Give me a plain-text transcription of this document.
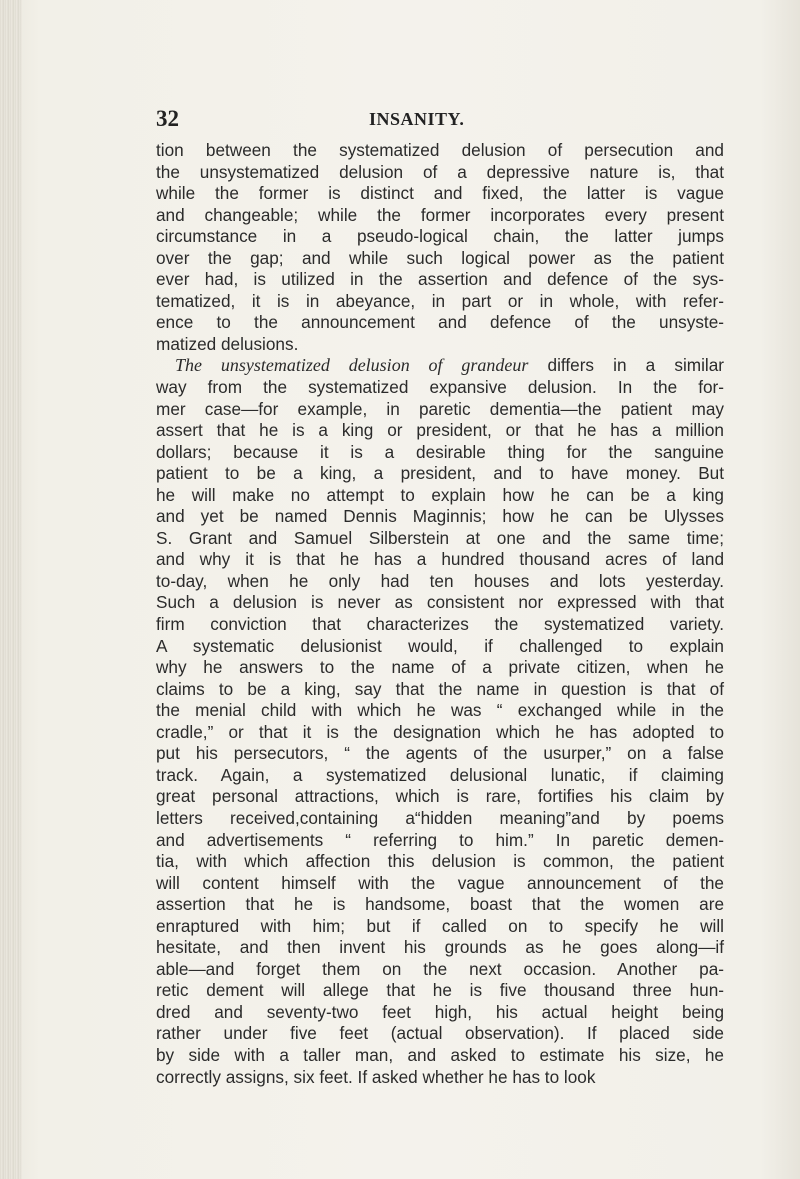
32	INSANITY.
tion between the systematized delusion of persecution and
the unsystematized delusion of a depressive nature is, that
while the former is distinct and fixed, the latter is vague
and changeable; while the former incorporates every present
circumstance in a pseudo-logical chain, the latter jumps
over the gap; and while such logical power as the patient
ever had, is utilized in the assertion and defence of the sys-
tematized, it is in abeyance, in part or in whole, with refer-
ence to the announcement and defence of the unsyste-
matized delusions.
The unsystematized delusion of grandeur differs in a similar
way from the systematized expansive delusion. In the for-
mer case—for example, in paretic dementia—the patient may
assert that he is a king or president, or that he has a million
dollars; because it is a desirable thing for the sanguine
patient to be a king, a president, and to have money. But
he will make no attempt to explain how he can be a king
and yet be named Dennis Maginnis; how he can be Ulysses
S. Grant and Samuel Silberstein at one and the same time;
and why it is that he has a hundred thousand acres of land
to-day, when he only had ten houses and lots yesterday.
Such a delusion is never as consistent nor expressed with that
firm conviction that characterizes the systematized variety.
A systematic delusionist would, if challenged to explain
why he answers to the name of a private citizen, when he
claims to be a king, say that the name in question is that of
the menial child with which he was “ exchanged while in the
cradle,” or that it is the designation which he has adopted to
put his persecutors, “ the agents of the usurper,” on a false
track. Again, a systematized delusional lunatic, if claiming
great personal attractions, which is rare, fortifies his claim by
letters received,containing a“hidden meaning”and by poems
and advertisements “ referring to him.” In paretic demen-
tia, with which affection this delusion is common, the patient
will content himself with the vague announcement of the
assertion that he is handsome, boast that the women are
enraptured with him; but if called on to specify he will
hesitate, and then invent his grounds as he goes along—if
able—and forget them on the next occasion. Another pa-
retic dement will allege that he is five thousand three hun-
dred and seventy-two feet high, his actual height being
rather under five feet (actual observation). If placed side
by side with a taller man, and asked to estimate his size, he
correctly assigns, six feet. If asked whether he has to look
